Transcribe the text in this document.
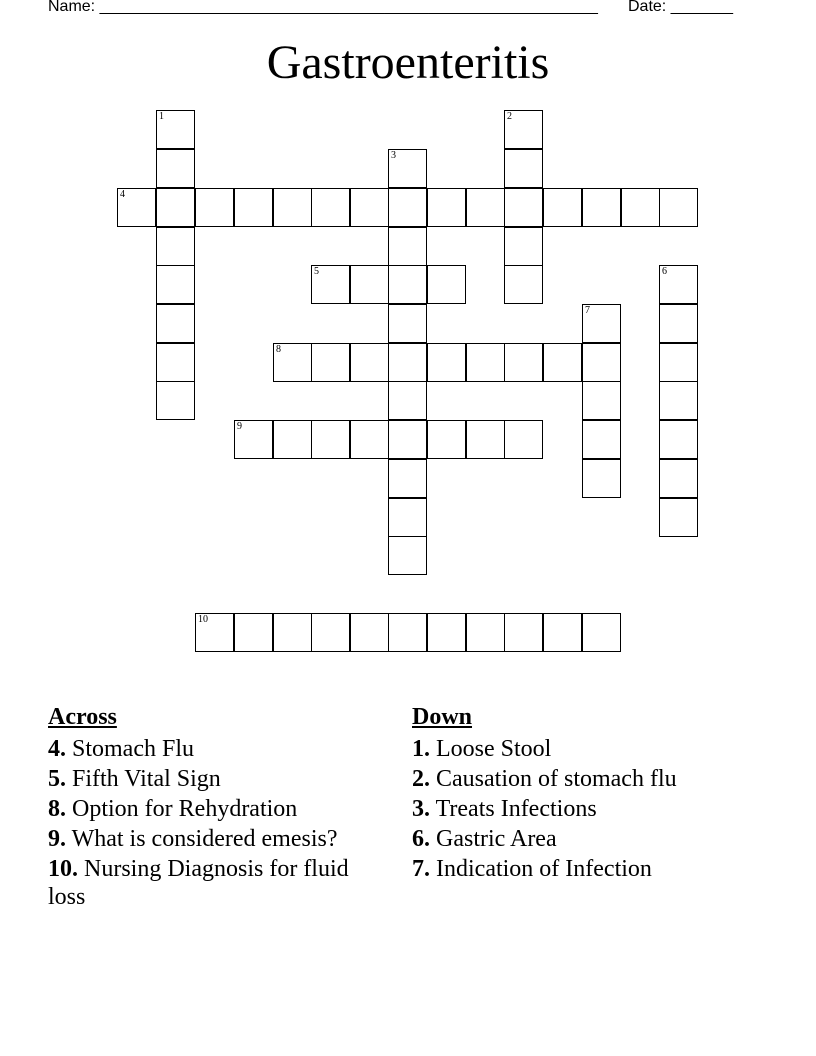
Name: ________________________________________________________ Date: _______
Gastroenteritis
1	2
3
4
5	6
7
8
9
10
Across
4. Stomach Flu
5. Fifth Vital Sign
8. Option for Rehydration
9. What is considered emesis?
10. Nursing Diagnosis for fluid loss
Down
1. Loose Stool
2. Causation of stomach flu
3. Treats Infections
6. Gastric Area
7. Indication of Infection
